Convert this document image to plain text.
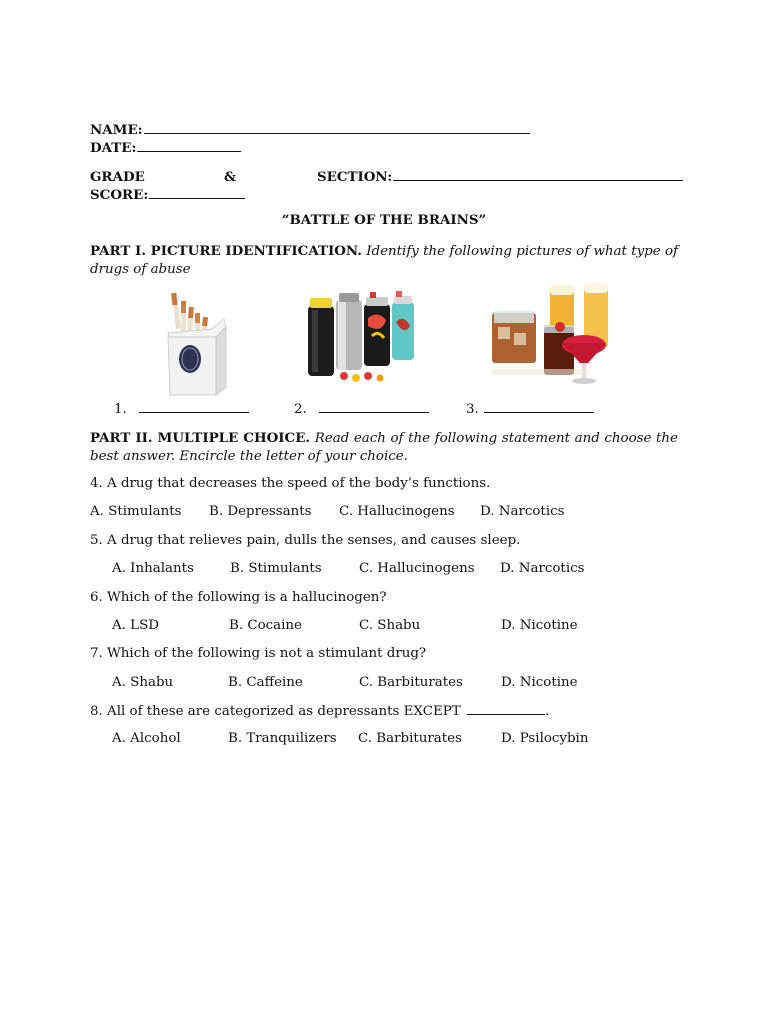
NAME:
DATE:
GRADE	&	SECTION:
SCORE:
“BATTLE OF THE BRAINS”
PART I. PICTURE IDENTIFICATION. Identify the following pictures of what type of drugs of abuse
1.	2.	3.
PART II. MULTIPLE CHOICE. Read each of the following statement and choose the best answer. Encircle the letter of your choice.
4. A drug that decreases the speed of the body’s functions.
A. Stimulants B. Depressants C. Hallucinogens D. Narcotics
5. A drug that relieves pain, dulls the senses, and causes sleep.
A. Inhalants	B. Stimulants	C. Hallucinogens D. Narcotics
6. Which of the following is a hallucinogen?
A. LSD	B. Cocaine	C. Shabu	D. Nicotine
7. Which of the following is not a stimulant drug?
A. Shabu	B. Caffeine	C. Barbiturates	D. Nicotine
8. All of these are categorized as depressants EXCEPT	.
A. Alcohol	B. Tranquilizers C. Barbiturates	D. Psilocybin
